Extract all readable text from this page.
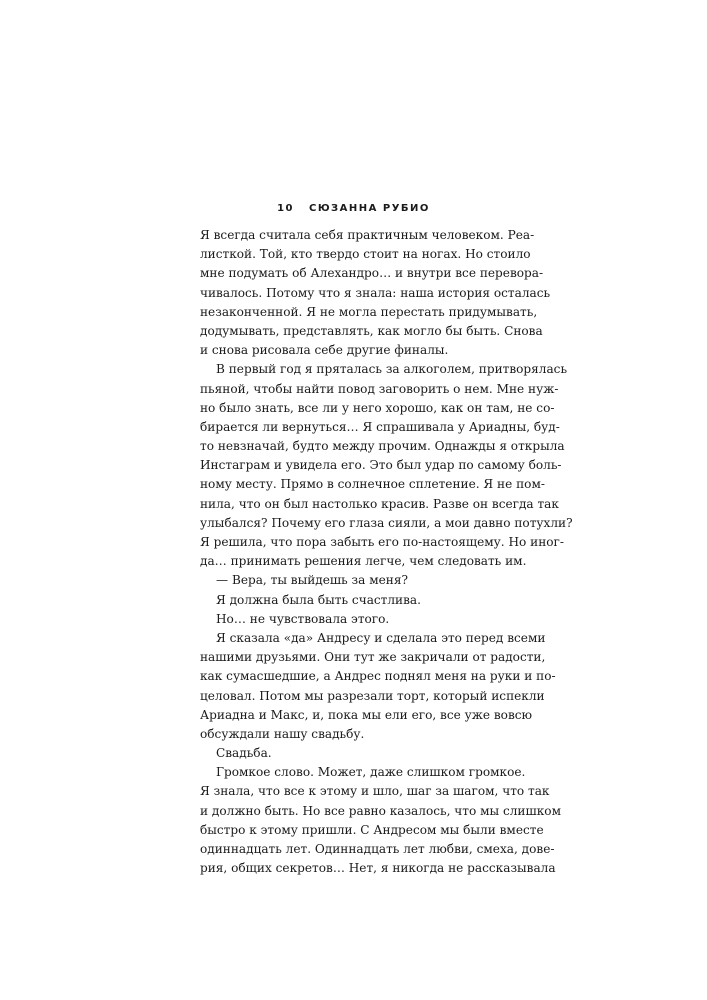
10 СЮЗАННА РУБИО
Я всегда считала себя практичным человеком. Реа-
листкой. Той, кто твердо стоит на ногах. Но стоило
мне подумать об Алехандро… и внутри все перевора-
чивалось. Потому что я знала: наша история осталась
незаконченной. Я не могла перестать придумывать,
додумывать, представлять, как могло бы быть. Снова
и снова рисовала себе другие финалы.
В первый год я пряталась за алкоголем, притворялась
пьяной, чтобы найти повод заговорить о нем. Мне нуж-
но было знать, все ли у него хорошо, как он там, не со-
бирается ли вернуться… Я спрашивала у Ариадны, буд-
то невзначай, будто между прочим. Однажды я открыла
Инстаграм и увидела его. Это был удар по самому боль-
ному месту. Прямо в солнечное сплетение. Я не пом-
нила, что он был настолько красив. Разве он всегда так
улыбался? Почему его глаза сияли, а мои давно потухли?
Я решила, что пора забыть его по-настоящему. Но иног-
да… принимать решения легче, чем следовать им.
— Вера, ты выйдешь за меня?
Я должна была быть счастлива.
Но… не чувствовала этого.
Я сказала «да» Андресу и сделала это перед всеми
нашими друзьями. Они тут же закричали от радости,
как сумасшедшие, а Андрес поднял меня на руки и по-
целовал. Потом мы разрезали торт, который испекли
Ариадна и Макс, и, пока мы ели его, все уже вовсю
обсуждали нашу свадьбу.
Свадьба.
Громкое слово. Может, даже слишком громкое.
Я знала, что все к этому и шло, шаг за шагом, что так
и должно быть. Но все равно казалось, что мы слишком
быстро к этому пришли. С Андресом мы были вместе
одиннадцать лет. Одиннадцать лет любви, смеха, дове-
рия, общих секретов… Нет, я никогда не рассказывала
